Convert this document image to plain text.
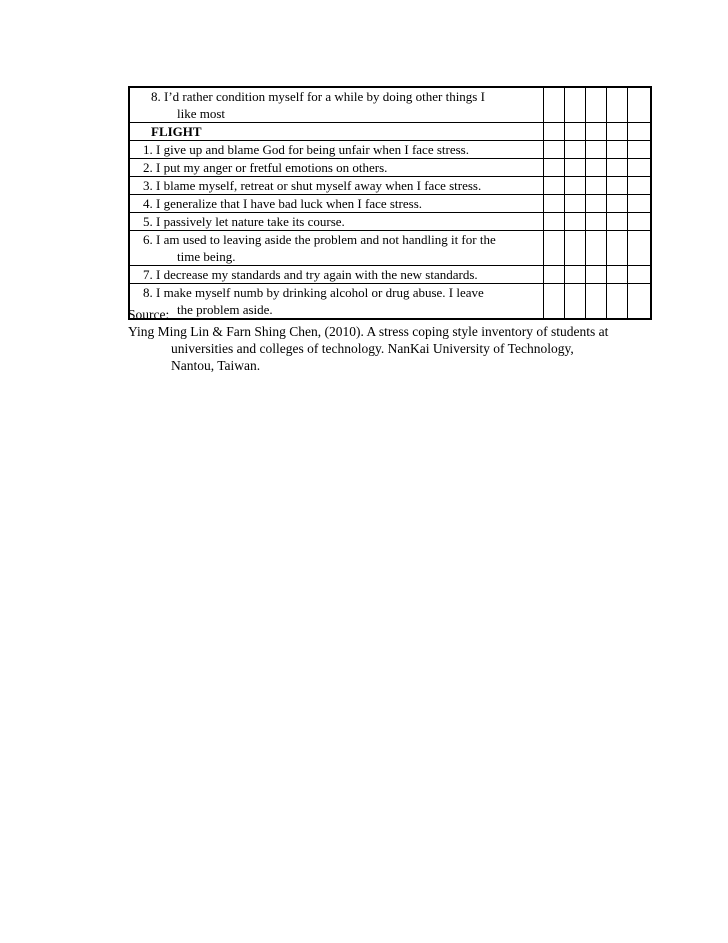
8. I’d rather condition myself for a while by doing other things I
like most					

FLIGHT					

1. I give up and blame God for being unfair when I face stress.					

2. I put my anger or fretful emotions on others.					

3. I blame myself, retreat or shut myself away when I face stress.					

4. I generalize that I have bad luck when I face stress.					

5. I passively let nature take its course.					

6. I am used to leaving aside the problem and not handling it for the
time being.					

7. I decrease my standards and try again with the new standards.					

8. I make myself numb by drinking alcohol or drug abuse. I leave
the problem aside.					

Source:
Ying Ming Lin & Farn Shing Chen, (2010). A stress coping style inventory of students at
universities and colleges of technology. NanKai University of Technology,
Nantou, Taiwan.
